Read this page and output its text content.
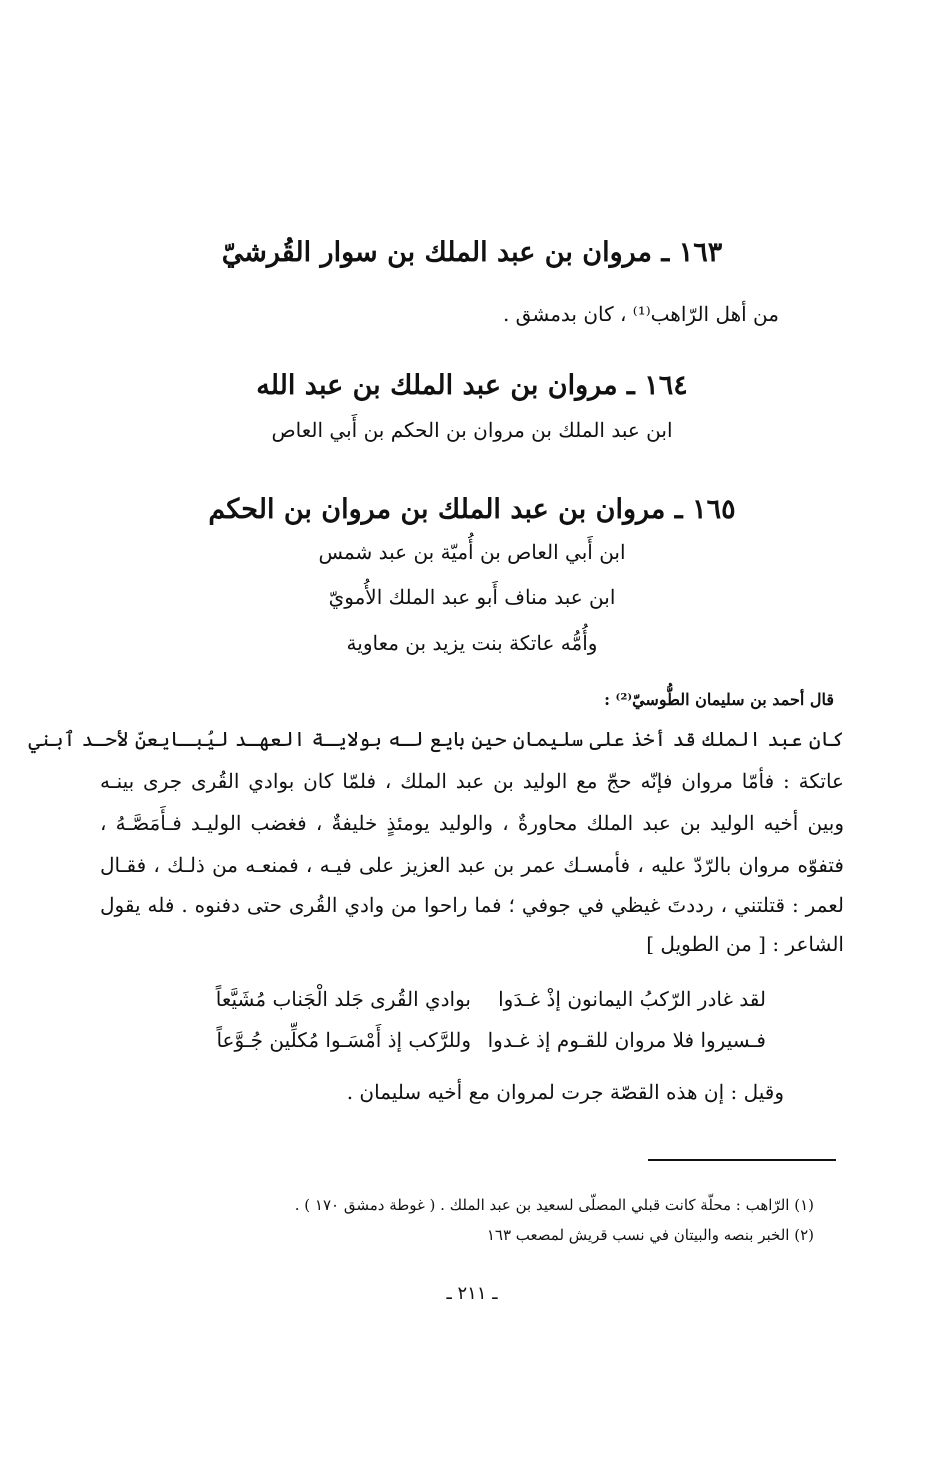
١٦٣ ـ مروان بن عبد الملك بن سوار القُرشيّ
من أهل الرّاهب⁽¹⁾ ، كان بدمشق .
١٦٤ ـ مروان بن عبد الملك بن عبد الله
ابن عبد الملك بن مروان بن الحكم بن أَبي العاص
١٦٥ ـ مروان بن عبد الملك بن مروان بن الحكم
ابن أَبي العاص بن أُميّة بن عبد شمس
ابن عبد مناف أَبو عبد الملك الأُمويّ
وأُمُّه عاتكة بنت يزيد بن معاوية
قال أحمد بن سليمان الطُّوسيّ⁽²⁾ :
كان عبد الملك قد أخذ على سليمان حين بايع لـه بولايـة العهـد ليُبـايعنّ لأحـد ٱبني
عاتكة : فأمّا مروان فإنّه حجّ مع الوليد بن عبد الملك ، فلمّا كان بوادي القُرى جرى بينـه
وبين أخيه الوليد بن عبد الملك محاورةٌ ، والوليد يومئذٍ خليفةٌ ، فغضب الوليـد فـأَمَصَّـهُ ،
فتفوّه مروان بالرّدّ عليه ، فأمسـك عمر بن عبد العزيز على فيـه ، فمنعـه من ذلـك ، فقـال
لعمر : قتلتني ، رددتَ غيظي في جوفي ؛ فما راحوا من وادي القُرى حتى دفنوه . فله يقول
الشاعر : [ من الطويل ]
لقد غادر الرّكبُ اليمانون إذْ غـدَوا
بوادي القُرى جَلد الْجَناب مُشَيَّعاً
فـسيروا فلا مروان للقـوم إذ غـدوا
وللرَّكب إذ أَمْسَـوا مُكلِّين جُـوَّعاً
وقيل : إن هذه القصّة جرت لمروان مع أخيه سليمان .
(١) الرّاهب : محلّة كانت قبلي المصلّى لسعيد بن عبد الملك . ( غوطة دمشق ١٧٠ ) .
(٢) الخبر بنصه والبيتان في نسب قريش لمصعب ١٦٣
ـ ٢١١ ـ
